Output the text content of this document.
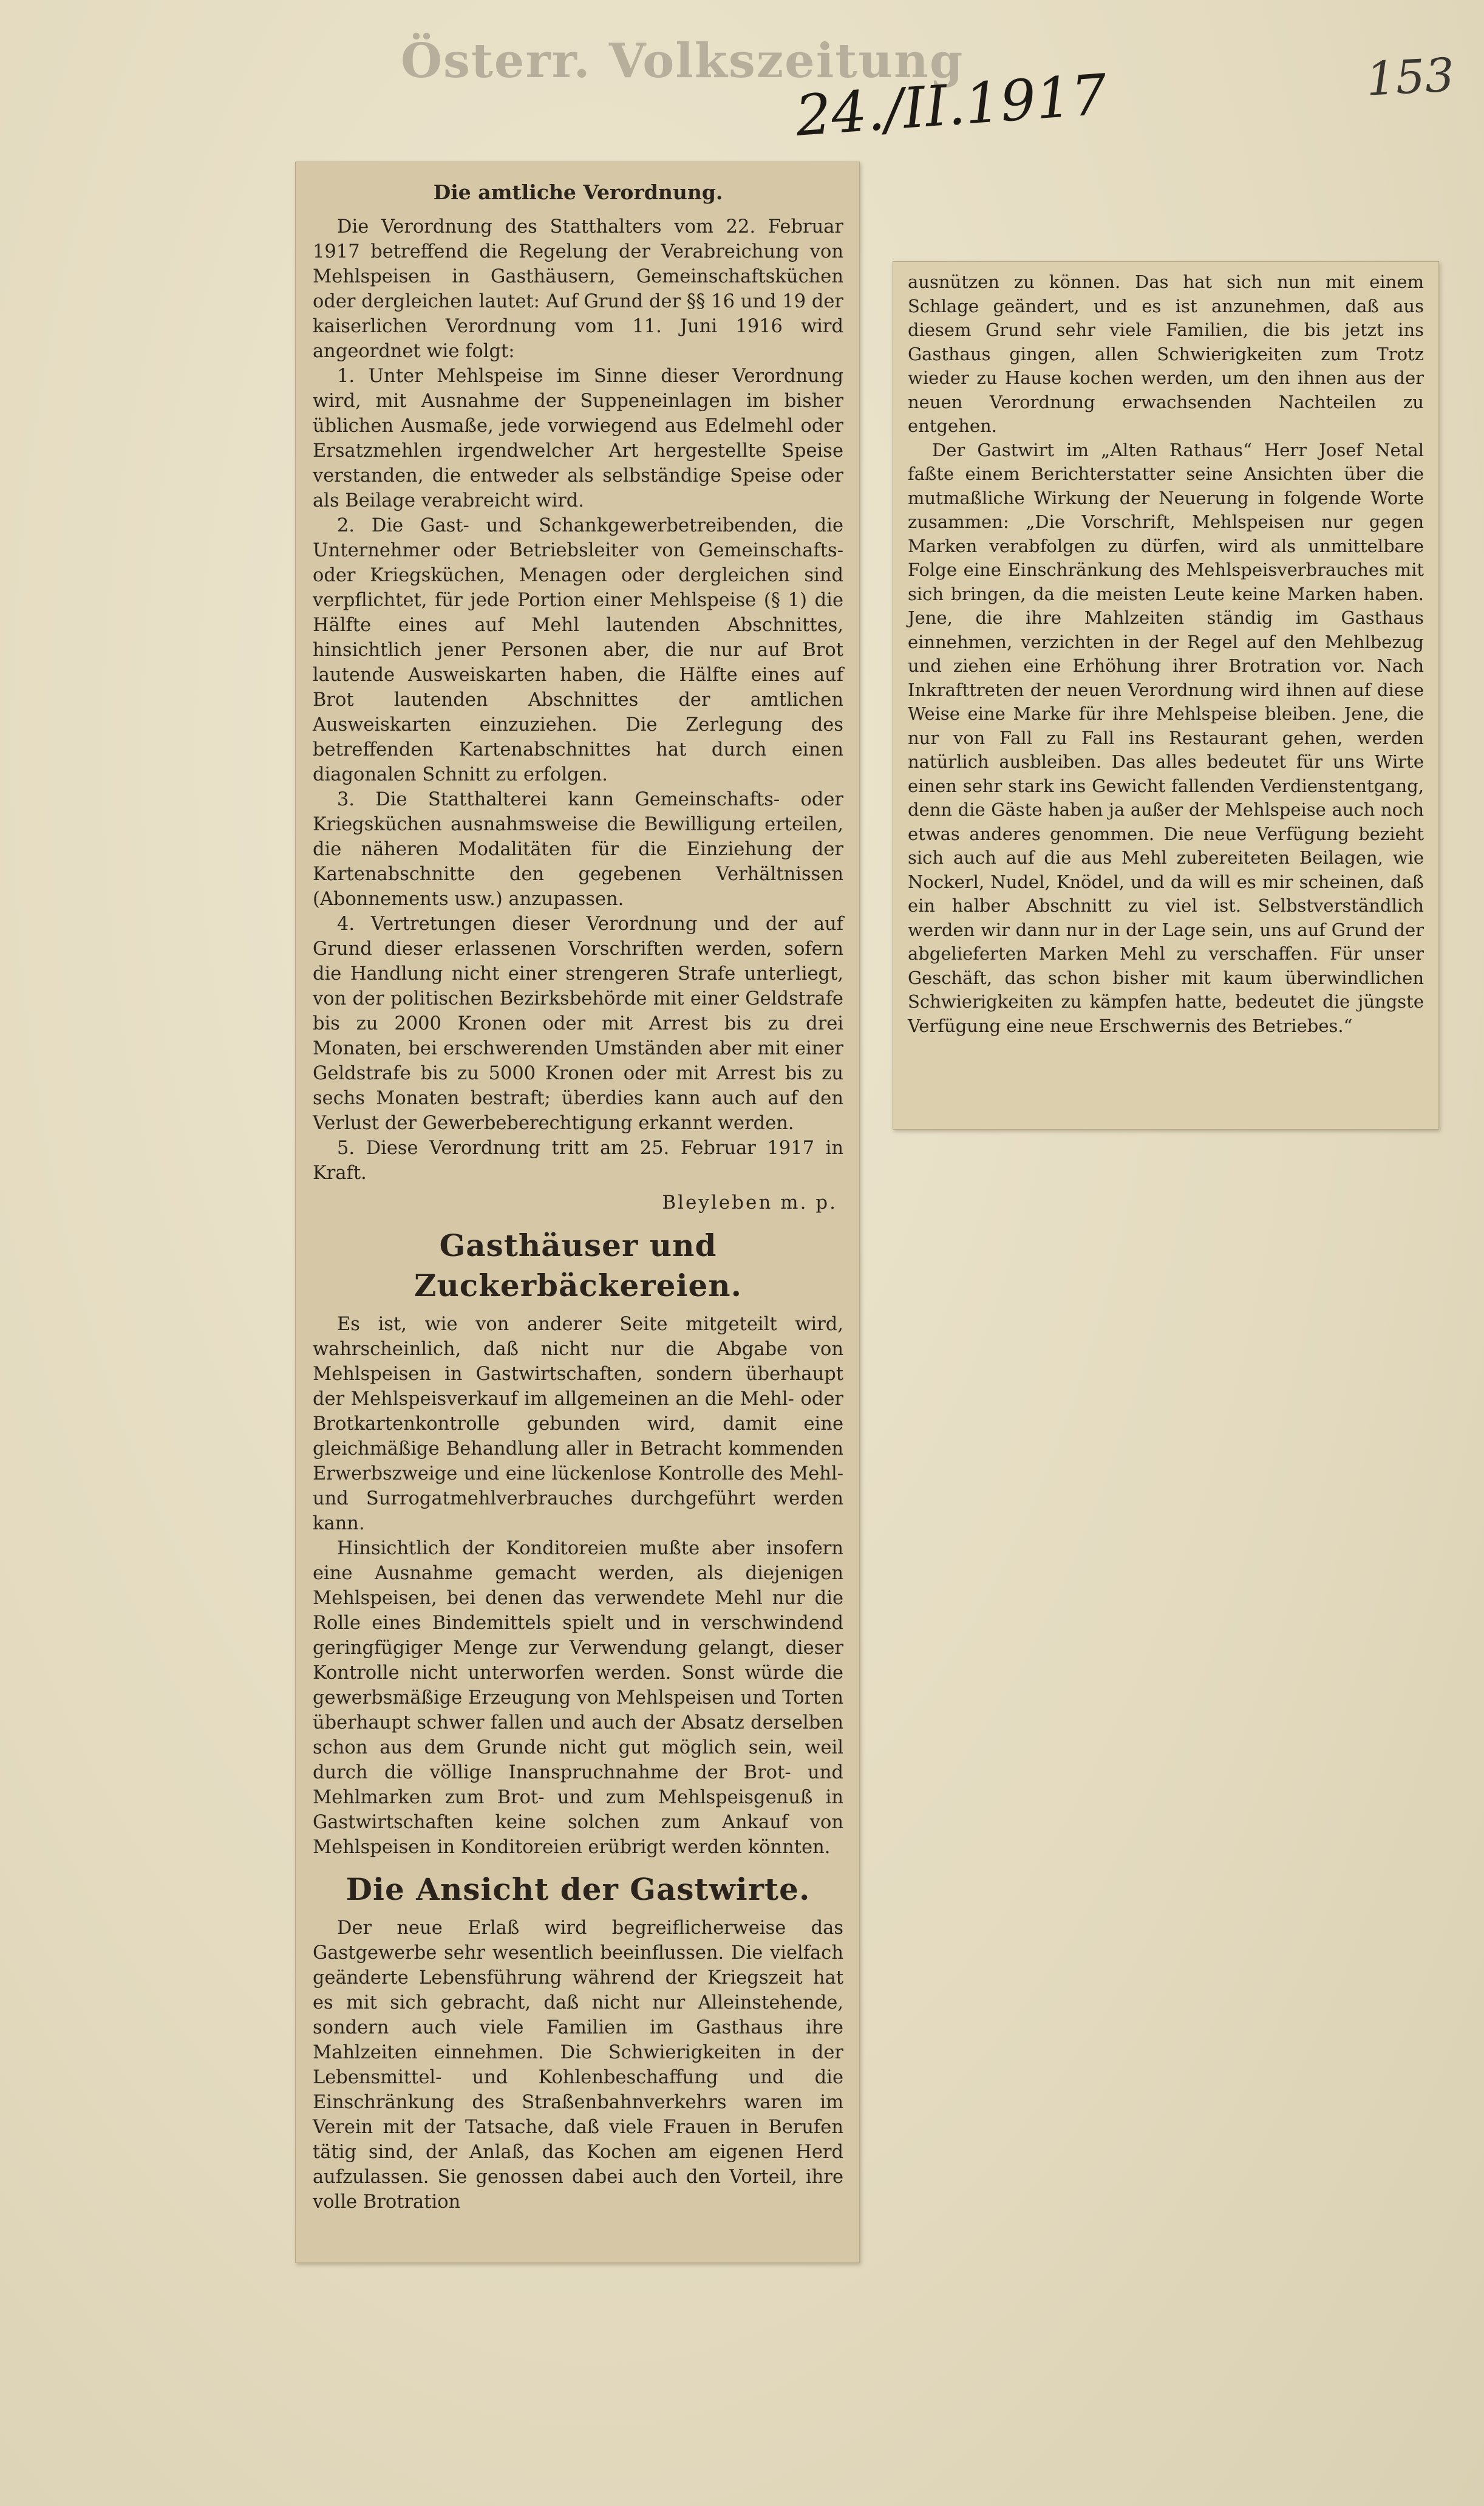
Österr. Volkszeitung
24./II.1917	153
Die amtliche Verordnung.

Die Verordnung des Statthalters vom 22. Februar 1917 betreffend die Regelung der Verabreichung von Mehlspeisen in Gasthäusern, Gemeinschaftsküchen oder dergleichen lautet: Auf Grund der §§ 16 und 19 der kaiserlichen Verordnung vom 11. Juni 1916 wird angeordnet wie folgt:

1. Unter Mehlspeise im Sinne dieser Verordnung wird, mit Ausnahme der Suppeneinlagen im bisher üblichen Ausmaße, jede vorwiegend aus Edelmehl oder Ersatzmehlen irgendwelcher Art hergestellte Speise verstanden, die entweder als selbständige Speise oder als Beilage verabreicht wird.

2. Die Gast- und Schankgewerbetreibenden, die Unternehmer oder Betriebsleiter von Gemeinschafts- oder Kriegsküchen, Menagen oder dergleichen sind verpflichtet, für jede Portion einer Mehlspeise (§ 1) die Hälfte eines auf Mehl lautenden Abschnittes, hinsichtlich jener Personen aber, die nur auf Brot lautende Ausweiskarten haben, die Hälfte eines auf Brot lautenden Abschnittes der amtlichen Ausweiskarten einzuziehen. Die Zerlegung des betreffenden Kartenabschnittes hat durch einen diagonalen Schnitt zu erfolgen.

3. Die Statthalterei kann Gemeinschafts- oder Kriegsküchen ausnahmsweise die Bewilligung erteilen, die näheren Modalitäten für die Einziehung der Kartenabschnitte den gegebenen Verhältnissen (Abonnements usw.) anzupassen.

4. Vertretungen dieser Verordnung und der auf Grund dieser erlassenen Vorschriften werden, sofern die Handlung nicht einer strengeren Strafe unterliegt, von der politischen Bezirksbehörde mit einer Geldstrafe bis zu 2000 Kronen oder mit Arrest bis zu drei Monaten, bei erschwerenden Umständen aber mit einer Geldstrafe bis zu 5000 Kronen oder mit Arrest bis zu sechs Monaten bestraft; überdies kann auch auf den Verlust der Gewerbeberechtigung erkannt werden.

5. Diese Verordnung tritt am 25. Februar 1917 in Kraft.

Bleyleben m. p.
Gasthäuser und Zuckerbäckereien.

Es ist, wie von anderer Seite mitgeteilt wird, wahrscheinlich, daß nicht nur die Abgabe von Mehlspeisen in Gastwirtschaften, sondern überhaupt der Mehlspeisverkauf im allgemeinen an die Mehl- oder Brotkartenkontrolle gebunden wird, damit eine gleichmäßige Behandlung aller in Betracht kommenden Erwerbszweige und eine lückenlose Kontrolle des Mehl- und Surrogatmehlverbrauches durchgeführt werden kann.

Hinsichtlich der Konditoreien mußte aber insofern eine Ausnahme gemacht werden, als diejenigen Mehlspeisen, bei denen das verwendete Mehl nur die Rolle eines Bindemittels spielt und in verschwindend geringfügiger Menge zur Verwendung gelangt, dieser Kontrolle nicht unterworfen werden. Sonst würde die gewerbsmäßige Erzeugung von Mehlspeisen und Torten überhaupt schwer fallen und auch der Absatz derselben schon aus dem Grunde nicht gut möglich sein, weil durch die völlige Inanspruchnahme der Brot- und Mehlmarken zum Brot- und zum Mehlspeisgenuß in Gastwirtschaften keine solchen zum Ankauf von Mehlspeisen in Konditoreien erübrigt werden könnten.

Die Ansicht der Gastwirte.

Der neue Erlaß wird begreiflicherweise das Gastgewerbe sehr wesentlich beeinflussen. Die vielfach geänderte Lebensführung während der Kriegszeit hat es mit sich gebracht, daß nicht nur Alleinstehende, sondern auch viele Familien im Gasthaus ihre Mahlzeiten einnehmen. Die Schwierigkeiten in der Lebensmittel- und Kohlenbeschaffung und die Einschränkung des Straßenbahnverkehrs waren im Verein mit der Tatsache, daß viele Frauen in Berufen tätig sind, der Anlaß, das Kochen am eigenen Herd aufzulassen. Sie genossen dabei auch den Vorteil, ihre volle Brotration

ausnützen zu können. Das hat sich nun mit einem Schlage geändert, und es ist anzunehmen, daß aus diesem Grund sehr viele Familien, die bis jetzt ins Gasthaus gingen, allen Schwierigkeiten zum Trotz wieder zu Hause kochen werden, um den ihnen aus der neuen Verordnung erwachsenden Nachteilen zu entgehen.

Der Gastwirt im „Alten Rathaus“ Herr Josef Netal faßte einem Berichterstatter seine Ansichten über die mutmaßliche Wirkung der Neuerung in folgende Worte zusammen: „Die Vorschrift, Mehlspeisen nur gegen Marken verabfolgen zu dürfen, wird als unmittelbare Folge eine Einschränkung des Mehlspeisverbrauches mit sich bringen, da die meisten Leute keine Marken haben. Jene, die ihre Mahlzeiten ständig im Gasthaus einnehmen, verzichten in der Regel auf den Mehlbezug und ziehen eine Erhöhung ihrer Brotration vor. Nach Inkrafttreten der neuen Verordnung wird ihnen auf diese Weise eine Marke für ihre Mehlspeise bleiben. Jene, die nur von Fall zu Fall ins Restaurant gehen, werden natürlich ausbleiben. Das alles bedeutet für uns Wirte einen sehr stark ins Gewicht fallenden Verdienstentgang, denn die Gäste haben ja außer der Mehlspeise auch noch etwas anderes genommen. Die neue Verfügung bezieht sich auch auf die aus Mehl zubereiteten Beilagen, wie Nockerl, Nudel, Knödel, und da will es mir scheinen, daß ein halber Abschnitt zu viel ist. Selbstverständlich werden wir dann nur in der Lage sein, uns auf Grund der abgelieferten Marken Mehl zu verschaffen. Für unser Geschäft, das schon bisher mit kaum überwindlichen Schwierigkeiten zu kämpfen hatte, bedeutet die jüngste Verfügung eine neue Erschwernis des Betriebes.“
